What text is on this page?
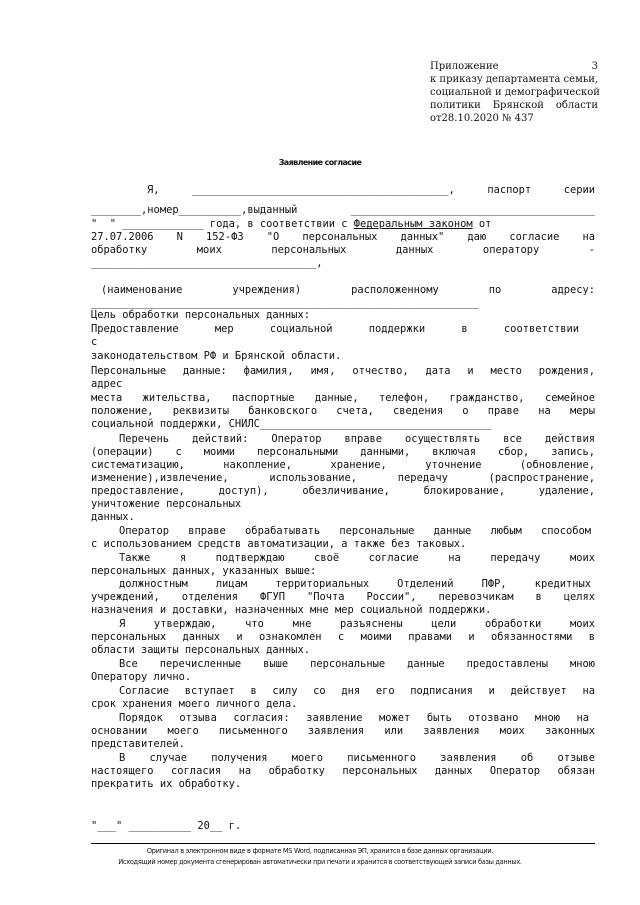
Приложение 3
к приказу департамента семьи,
социальной и демографической
политики Брянской области
от28.10.2020 № 437
Заявление согласие
Я, _________________________________________, паспорт серии
________,номер__________,выданный _______________________________________
"  " _____________ года, в соответствии с Федеральным законом от
27.07.2006 N 152-ФЗ "О персональных данных" даю согласие на
обработку моих персональных данных оператору -
____________________________________,
(наименование учреждения) расположенному по адресу:
______________________________________________________________
Цель обработки персональных данных:
Предоставление мер социальной поддержки в соответствии
с
законодательством РФ и Брянской области.
Персональные данные: фамилия, имя, отчество, дата и место рождения,
адрес
места жительства, паспортные данные, телефон, гражданство, семейное
положение, реквизиты банковского счета, сведения о праве на меры
социальной поддержки, СНИЛС_____________________________________
Перечень действий: Оператор вправе осуществлять все действия
(операции) с моими персональными данными, включая сбор, запись,
систематизацию, накопление, хранение, уточнение (обновление,
изменение),извлечение, использование, передачу (распространение,
предоставление, доступ), обезличивание, блокирование, удаление,
уничтожение персональных
данных.
Оператор вправе обрабатывать персональные данные любым способом
с использованием средств автоматизации, а также без таковых.
Также я подтверждаю своё согласие на передачу моих
персональных данных, указанных выше:
должностным лицам территориальных Отделений ПФР, кредитных
учреждений, отделения ФГУП "Почта России", перевозчикам в целях
назначения и доставки, назначенных мне мер социальной поддержки.
Я утверждаю, что мне разъяснены цели обработки моих
персональных данных и ознакомлен с моими правами и обязанностями в
области защиты персональных данных.
Все перечисленные выше персональные данные предоставлены мною
Оператору лично.
Согласие вступает в силу со дня его подписания и действует на
срок хранения моего личного дела.
Порядок отзыва согласия: заявление может быть отозвано мною на
основании моего письменного заявления или заявления моих законных
представителей.
В случае получения моего письменного заявления об отзыве
настоящего согласия на обработку персональных данных Оператор обязан
прекратить их обработку.
"___" __________ 20__ г.
Оригинал в электронном виде в формате MS Word, подписанная ЭП, хранится в базе данных организации.
Исходящий номер документа сгенерирован автоматически при печати и хранится в соответствующей записи базы данных.
